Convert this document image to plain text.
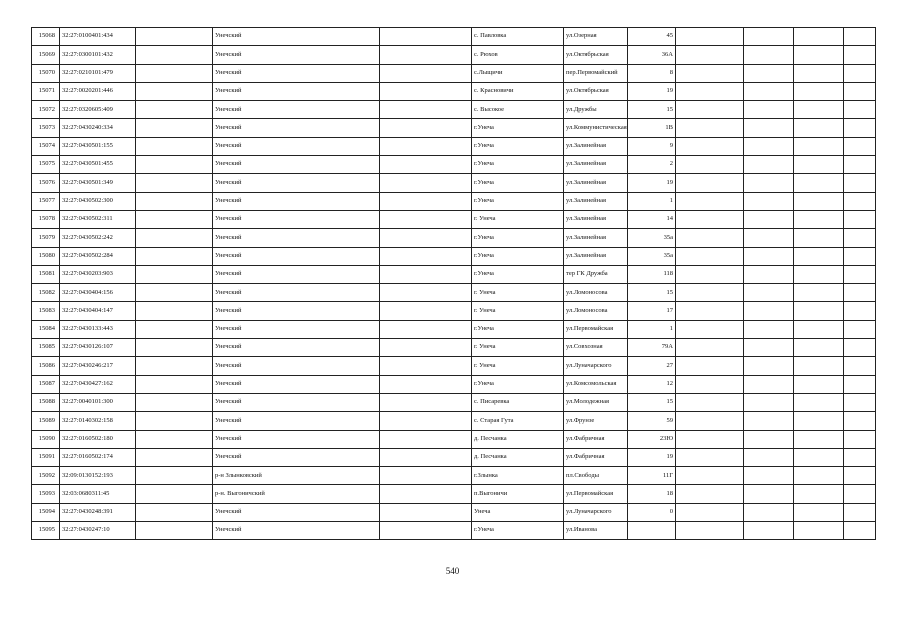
15068	32:27:0100401:434		Унечский		с. Павловка	ул.Озерная	45				
15069	32:27:0300101:432		Унечский		с. Рюхов	ул.Октябрьская	36А				
15070	32:27:0210101:479		Унечский		с.Лыщичи	пер.Первомайский	8				
15071	32:27:0020201:446		Унечский		с. Красновичи	ул.Октябрьская	19				
15072	32:27:0320605:409		Унечский		с. Высокое	ул.Дружбы	15				
15073	32:27:0430240:334		Унечский		г.Унеча	ул.Коммунистическая	1В				
15074	32:27:0430501:155		Унечский		г.Унеча	ул.Залинейная	9				
15075	32:27:0430501:455		Унечский		г.Унеча	ул.Залинейная	2				
15076	32:27:0430501:349		Унечский		г.Унеча	ул.Залинейная	19				
15077	32:27:0430502:300		Унечский		г.Унеча	ул.Залинейная	1				
15078	32:27:0430502:311		Унечский		г. Унеча	ул.Залинейная	14				
15079	32:27:0430502:242		Унечский		г.Унеча	ул.Залинейная	35а				
15080	32:27:0430502:284		Унечский		г.Унеча	ул.Залинейная	35а				
15081	32:27:0430203:903		Унечский		г.Унеча	тер ГК Дружба	118				
15082	32:27:0430404:156		Унечский		г. Унеча	ул.Ломоносова	15				
15083	32:27:0430404:147		Унечский		г. Унеча	ул.Ломоносова	17				
15084	32:27:0430133:443		Унечский		г.Унеча	ул.Первомайская	1				
15085	32:27:0430126:107		Унечский		г. Унеча	ул.Совхозная	79А				
15086	32:27:0430246:217		Унечский		г. Унеча	ул.Луначарского	27				
15087	32:27:0430427:162		Унечский		г.Унеча	ул.Комсомольская	12				
15088	32:27:0040101:300		Унечский		с. Писаревка	ул.Молодежная	15				
15089	32:27:0140302:158		Унечский		с. Старая Гута	ул.Фрунзе	59				
15090	32:27:0160502:180		Унечский		д. Песчанка	ул.Фабричная	23Ю				
15091	32:27:0160502:174		Унечский		д. Песчанка	ул.Фабричная	19				
15092	32:09:0130152:193		р-н Злынковский		г.Злынка	пл.Свободы	11Г				
15093	32:03:0680311:45		р-н. Выгоничский		п.Выгоничи	ул.Первомайская	18				
15094	32:27:0430248:391		Унечский		Унеча	ул.Луначарского	0				
15095	32:27:0430247:10		Унечский		г.Унеча	ул.Иванова					
540
